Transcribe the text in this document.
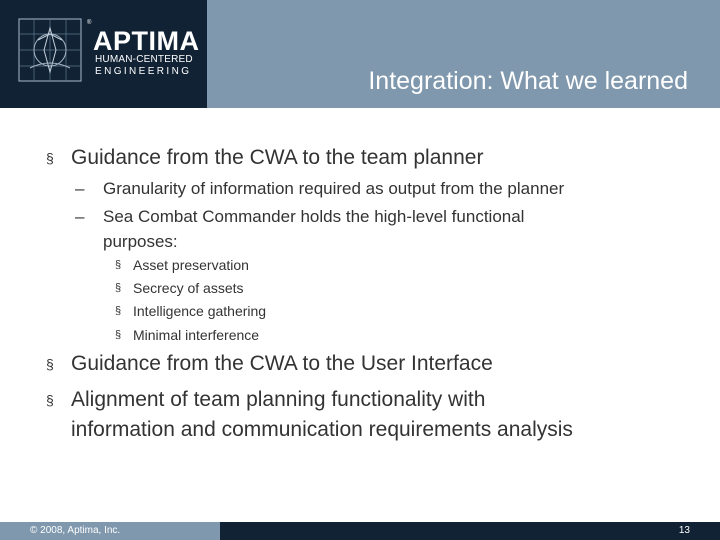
®
APTIMA
HUMAN-CENTERED
ENGINEERING	Integration: What we learned
§ Guidance from the CWA to the team planner
– Granularity of information required as output from the planner
– Sea Combat Commander holds the high-level functional
purposes:
§ Asset preservation
§ Secrecy of assets
§ Intelligence gathering
§ Minimal interference
§ Guidance from the CWA to the User Interface
§ Alignment of team planning functionality with
information and communication requirements analysis
© 2008, Aptima, Inc.	13
